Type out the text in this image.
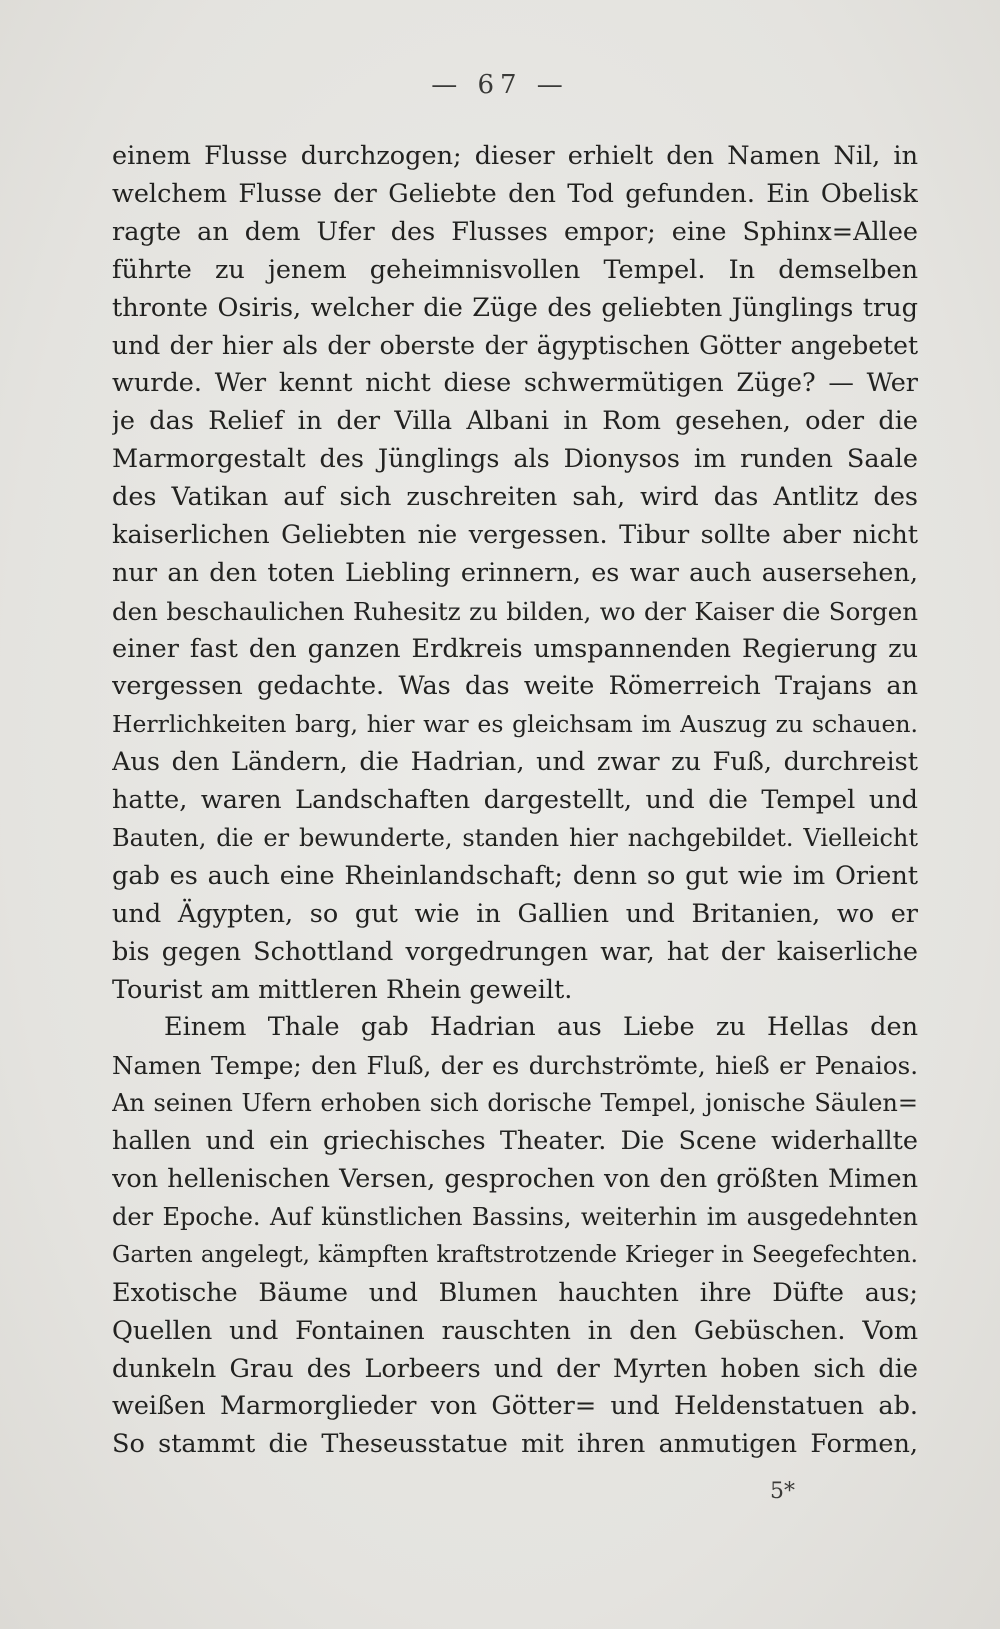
— 67 —
einem Flusse durchzogen; dieser erhielt den Namen Nil, in
welchem Flusse der Geliebte den Tod gefunden. Ein Obelisk
ragte an dem Ufer des Flusses empor; eine Sphinx=Allee
führte zu jenem geheimnisvollen Tempel. In demselben
thronte Osiris, welcher die Züge des geliebten Jünglings trug
und der hier als der oberste der ägyptischen Götter angebetet
wurde. Wer kennt nicht diese schwermütigen Züge? — Wer
je das Relief in der Villa Albani in Rom gesehen, oder die
Marmorgestalt des Jünglings als Dionysos im runden Saale
des Vatikan auf sich zuschreiten sah, wird das Antlitz des
kaiserlichen Geliebten nie vergessen. Tibur sollte aber nicht
nur an den toten Liebling erinnern, es war auch ausersehen,
den beschaulichen Ruhesitz zu bilden, wo der Kaiser die Sorgen
einer fast den ganzen Erdkreis umspannenden Regierung zu
vergessen gedachte. Was das weite Römerreich Trajans an
Herrlichkeiten barg, hier war es gleichsam im Auszug zu schauen.
Aus den Ländern, die Hadrian, und zwar zu Fuß, durchreist
hatte, waren Landschaften dargestellt, und die Tempel und
Bauten, die er bewunderte, standen hier nachgebildet. Vielleicht
gab es auch eine Rheinlandschaft; denn so gut wie im Orient
und Ägypten, so gut wie in Gallien und Britanien, wo er
bis gegen Schottland vorgedrungen war, hat der kaiserliche
Tourist am mittleren Rhein geweilt.
Einem Thale gab Hadrian aus Liebe zu Hellas den
Namen Tempe; den Fluß, der es durchströmte, hieß er Penaios.
An seinen Ufern erhoben sich dorische Tempel, jonische Säulen=
hallen und ein griechisches Theater. Die Scene widerhallte
von hellenischen Versen, gesprochen von den größten Mimen
der Epoche. Auf künstlichen Bassins, weiterhin im ausgedehnten
Garten angelegt, kämpften kraftstrotzende Krieger in Seegefechten.
Exotische Bäume und Blumen hauchten ihre Düfte aus;
Quellen und Fontainen rauschten in den Gebüschen. Vom
dunkeln Grau des Lorbeers und der Myrten hoben sich die
weißen Marmorglieder von Götter= und Heldenstatuen ab.
So stammt die Theseusstatue mit ihren anmutigen Formen,
5*
